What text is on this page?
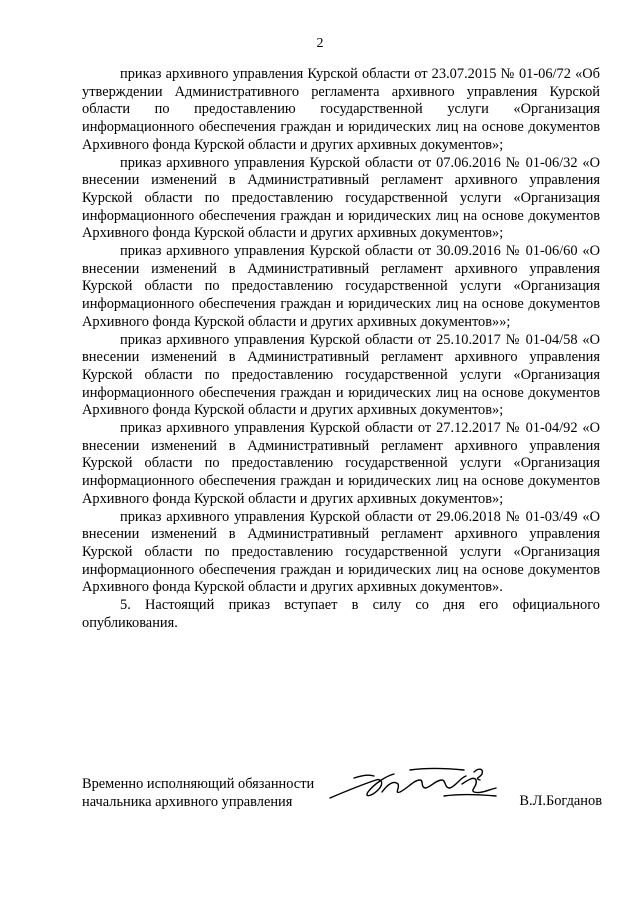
2

приказ архивного управления Курской области от 23.07.2015 № 01-06/72 «Об утверждении Административного регламента архивного управления Курской области по предоставлению государственной услуги «Организация информационного обеспечения граждан и юридических лиц на основе документов Архивного фонда Курской области и других архивных документов»;

приказ архивного управления Курской области от 07.06.2016 № 01-06/32 «О внесении изменений в Административный регламент архивного управления Курской области по предоставлению государственной услуги «Организация информационного обеспечения граждан и юридических лиц на основе документов Архивного фонда Курской области и других архивных документов»;

приказ архивного управления Курской области от 30.09.2016 № 01-06/60 «О внесении изменений в Административный регламент архивного управления Курской области по предоставлению государственной услуги «Организация информационного обеспечения граждан и юридических лиц на основе документов Архивного фонда Курской области и других архивных документов»»;

приказ архивного управления Курской области от 25.10.2017 № 01-04/58 «О внесении изменений в Административный регламент архивного управления Курской области по предоставлению государственной услуги «Организация информационного обеспечения граждан и юридических лиц на основе документов Архивного фонда Курской области и других архивных документов»;

приказ архивного управления Курской области от 27.12.2017 № 01-04/92 «О внесении изменений в Административный регламент архивного управления Курской области по предоставлению государственной услуги «Организация информационного обеспечения граждан и юридических лиц на основе документов Архивного фонда Курской области и других архивных документов»;

приказ архивного управления Курской области от 29.06.2018 № 01-03/49 «О внесении изменений в Административный регламент архивного управления Курской области по предоставлению государственной услуги «Организация информационного обеспечения граждан и юридических лиц на основе документов Архивного фонда Курской области и других архивных документов».

5. Настоящий приказ вступает в силу со дня его официального опубликования.

Временно исполняющий обязанности
начальника архивного управления	В.Л.Богданов
